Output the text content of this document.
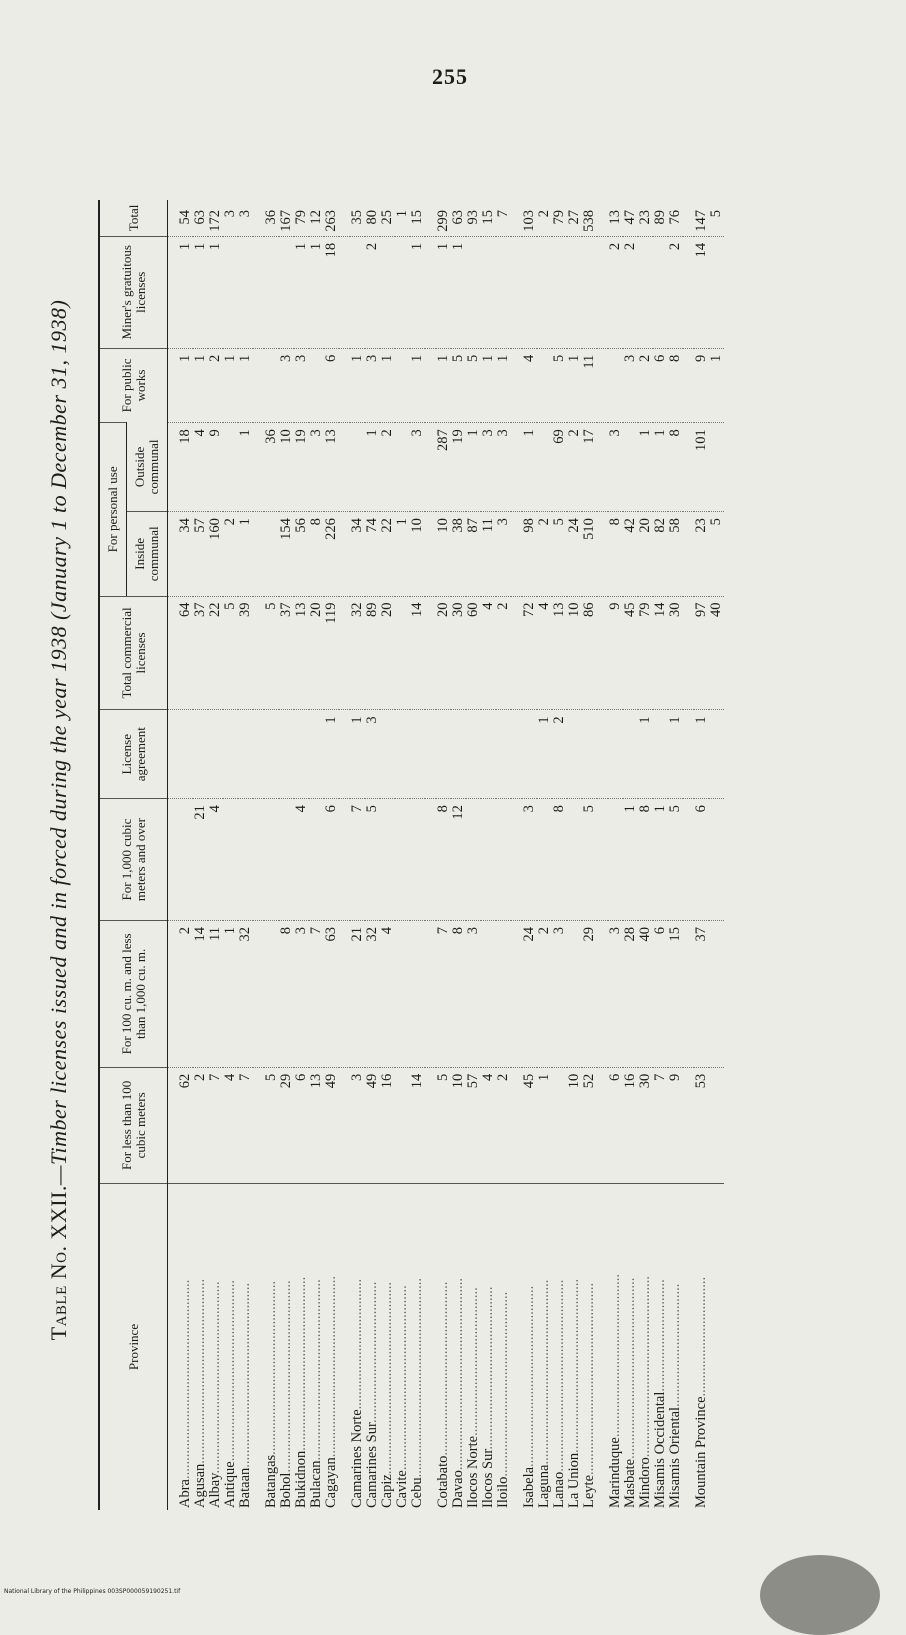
255
Table No. XXII.—Timber licenses issued and in forced during the year 1938 (January 1 to December 31, 1938)
Province	For less than 100 cubic meters	For 100 cu. m. and less than 1,000 cu. m.	For 1,000 cubic meters and over	License agreement	Total commercial licenses	For personal use		For public works	Miner's gratuitous licenses	Total
						Inside communal	Outside communal			
Abra.......................................................	62	2			64	34	18	1	1	54
Agusan...................................................	2	14	21		37	57	4	1	1	63
Albay.....................................................	7	11	4		22	160	9	2	1	172
Antique..................................................	4	1			5	2		1		3
Bataan...................................................	7	32			39	1	1	1		3

Batangas................................................	5				5		36			36
Bohol.....................................................	29	8			37	154	10	3		167
Bukidnon................................................	6	3	4		13	56	19	3	1	79
Bulacan..................................................	13	7			20	8	3		1	12
Cagayan..................................................	49	63	6	1	119	226	13	6	18	263

Camarines Norte....................................	3	21	7	1	32	34		1		35
Camarines Sur.......................................	49	32	5	3	89	74	1	3	2	80
Capiz.....................................................	16	4			20	22	2	1		25
Cavite...................................................						1				1
Cebu.......................................................	14				14	10	3	1	1	15

Cotabato................................................	5	7	8		20	10	287	1	1	299
Davao.....................................................	10	8	12		30	38	19	5	1	63
Ilocos Norte.........................................	57	3			60	87	1	5		93
Ilocos Sur.............................................	4				4	11	3	1		15
Iloilo...................................................	2				2	3	3	1		7

Isabela..................................................	45	24	3		72	98	1	4		103
Laguna...................................................	1	2		1	4	2				2
Lanao.....................................................		3	8	2	13	5	69	5		79
La Union................................................	10				10	24	2	1		27
Leyte.....................................................	52	29	5		86	510	17	11		538

Marinduque.............................................	6	3			9	8	3		2	13
Masbate..................................................	16	28	1		45	42		3	2	47
Mindoro..................................................	30	40	8	1	79	20	1	2		23
Misamis Occidental...............................	7	6	1		14	82	1	6		89
Misamis Oriental..................................	9	15	5	1	30	58	8	8	2	76

Mountain Province.................................	53	37	6	1	97	23	101	9	14	147
					40	5		1		5
National Library of the Philippines 003SP000059190251.tif
